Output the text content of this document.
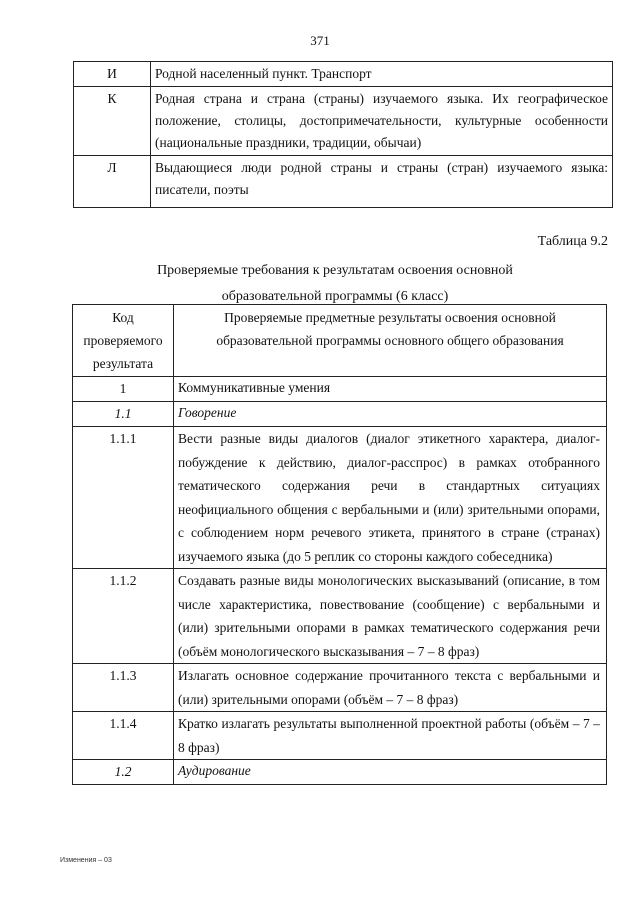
371
И	Родной населенный пункт. Транспорт
К	Родная страна и страна (страны) изучаемого языка. Их географическое положение, столицы, достопримечательности, культурные особенности (национальные праздники, традиции, обычаи)
Л	Выдающиеся люди родной страны и страны (стран) изучаемого языка: писатели, поэты
Таблица 9.2
Проверяемые требования к результатам освоения основной
образовательной программы (6 класс)
Код проверяемого результата	Проверяемые предметные результаты освоения основной образовательной программы основного общего образования
1	Коммуникативные умения
1.1	Говорение
1.1.1	Вести разные виды диалогов (диалог этикетного характера, диалог-побуждение к действию, диалог-расспрос) в рамках отобранного тематического содержания речи в стандартных ситуациях неофициального общения с вербальными и (или) зрительными опорами, с соблюдением норм речевого этикета, принятого в стране (странах) изучаемого языка (до 5 реплик со стороны каждого собеседника)
1.1.2	Создавать разные виды монологических высказываний (описание, в том числе характеристика, повествование (сообщение) с вербальными и (или) зрительными опорами в рамках тематического содержания речи (объём монологического высказывания – 7 – 8 фраз)
1.1.3	Излагать основное содержание прочитанного текста с вербальными и (или) зрительными опорами (объём – 7 – 8 фраз)
1.1.4	Кратко излагать результаты выполненной проектной работы (объём – 7 – 8 фраз)
1.2	Аудирование
Изменения – 03
